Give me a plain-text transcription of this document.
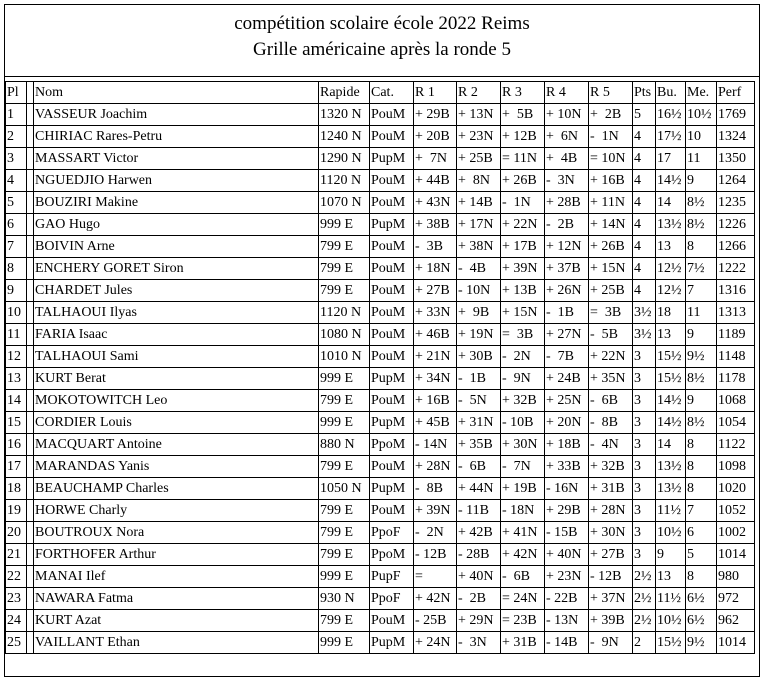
compétition scolaire école 2022 Reims
Grille américaine après la ronde 5
Pl		Nom	Rapide	Cat.	R 1	R 2	R 3	R 4	R 5	Pts	Bu.	Me.	Perf
1		VASSEUR Joachim	1320 N	PouM	+ 29B	+ 13N	+  5B	+ 10N	+  2B	5	16½	10½	1769
2		CHIRIAC Rares-Petru	1240 N	PouM	+ 20B	+ 23N	+ 12B	+  6N	-  1N	4	17½	10	1324
3		MASSART Victor	1290 N	PupM	+  7N	+ 25B	= 11N	+  4B	= 10N	4	17	11	1350
4		NGUEDJIO Harwen	1120 N	PouM	+ 44B	+  8N	+ 26B	-  3N	+ 16B	4	14½	9	1264
5		BOUZIRI Makine	1070 N	PouM	+ 43N	+ 14B	-  1N	+ 28B	+ 11N	4	14	8½	1235
6		GAO Hugo	999 E	PupM	+ 38B	+ 17N	+ 22N	-  2B	+ 14N	4	13½	8½	1226
7		BOIVIN Arne	799 E	PouM	-  3B	+ 38N	+ 17B	+ 12N	+ 26B	4	13	8	1266
8		ENCHERY GORET Siron	799 E	PouM	+ 18N	-  4B	+ 39N	+ 37B	+ 15N	4	12½	7½	1222
9		CHARDET Jules	799 E	PouM	+ 27B	- 10N	+ 13B	+ 26N	+ 25B	4	12½	7	1316
10		TALHAOUI Ilyas	1120 N	PouM	+ 33N	+  9B	+ 15N	-  1B	=  3B	3½	18	11	1313
11		FARIA Isaac	1080 N	PouM	+ 46B	+ 19N	=  3B	+ 27N	-  5B	3½	13	9	1189
12		TALHAOUI Sami	1010 N	PouM	+ 21N	+ 30B	-  2N	-  7B	+ 22N	3	15½	9½	1148
13		KURT Berat	999 E	PupM	+ 34N	-  1B	-  9N	+ 24B	+ 35N	3	15½	8½	1178
14		MOKOTOWITCH Leo	799 E	PouM	+ 16B	-  5N	+ 32B	+ 25N	-  6B	3	14½	9	1068
15		CORDIER Louis	999 E	PupM	+ 45B	+ 31N	- 10B	+ 20N	-  8B	3	14½	8½	1054
16		MACQUART Antoine	880 N	PpoM	- 14N	+ 35B	+ 30N	+ 18B	-  4N	3	14	8	1122
17		MARANDAS Yanis	799 E	PouM	+ 28N	-  6B	-  7N	+ 33B	+ 32B	3	13½	8	1098
18		BEAUCHAMP Charles	1050 N	PupM	-  8B	+ 44N	+ 19B	- 16N	+ 31B	3	13½	8	1020
19		HORWE Charly	799 E	PouM	+ 39N	- 11B	- 18N	+ 29B	+ 28N	3	11½	7	1052
20		BOUTROUX Nora	799 E	PpoF	-  2N	+ 42B	+ 41N	- 15B	+ 30N	3	10½	6	1002
21		FORTHOFER Arthur	799 E	PpoM	- 12B	- 28B	+ 42N	+ 40N	+ 27B	3	9	5	1014
22		MANAI Ilef	999 E	PupF	=	+ 40N	-  6B	+ 23N	- 12B	2½	13	8	980
23		NAWARA Fatma	930 N	PpoF	+ 42N	-  2B	= 24N	- 22B	+ 37N	2½	11½	6½	972
24		KURT Azat	799 E	PouM	- 25B	+ 29N	= 23B	- 13N	+ 39B	2½	10½	6½	962
25		VAILLANT Ethan	999 E	PupM	+ 24N	-  3N	+ 31B	- 14B	-  9N	2	15½	9½	1014
